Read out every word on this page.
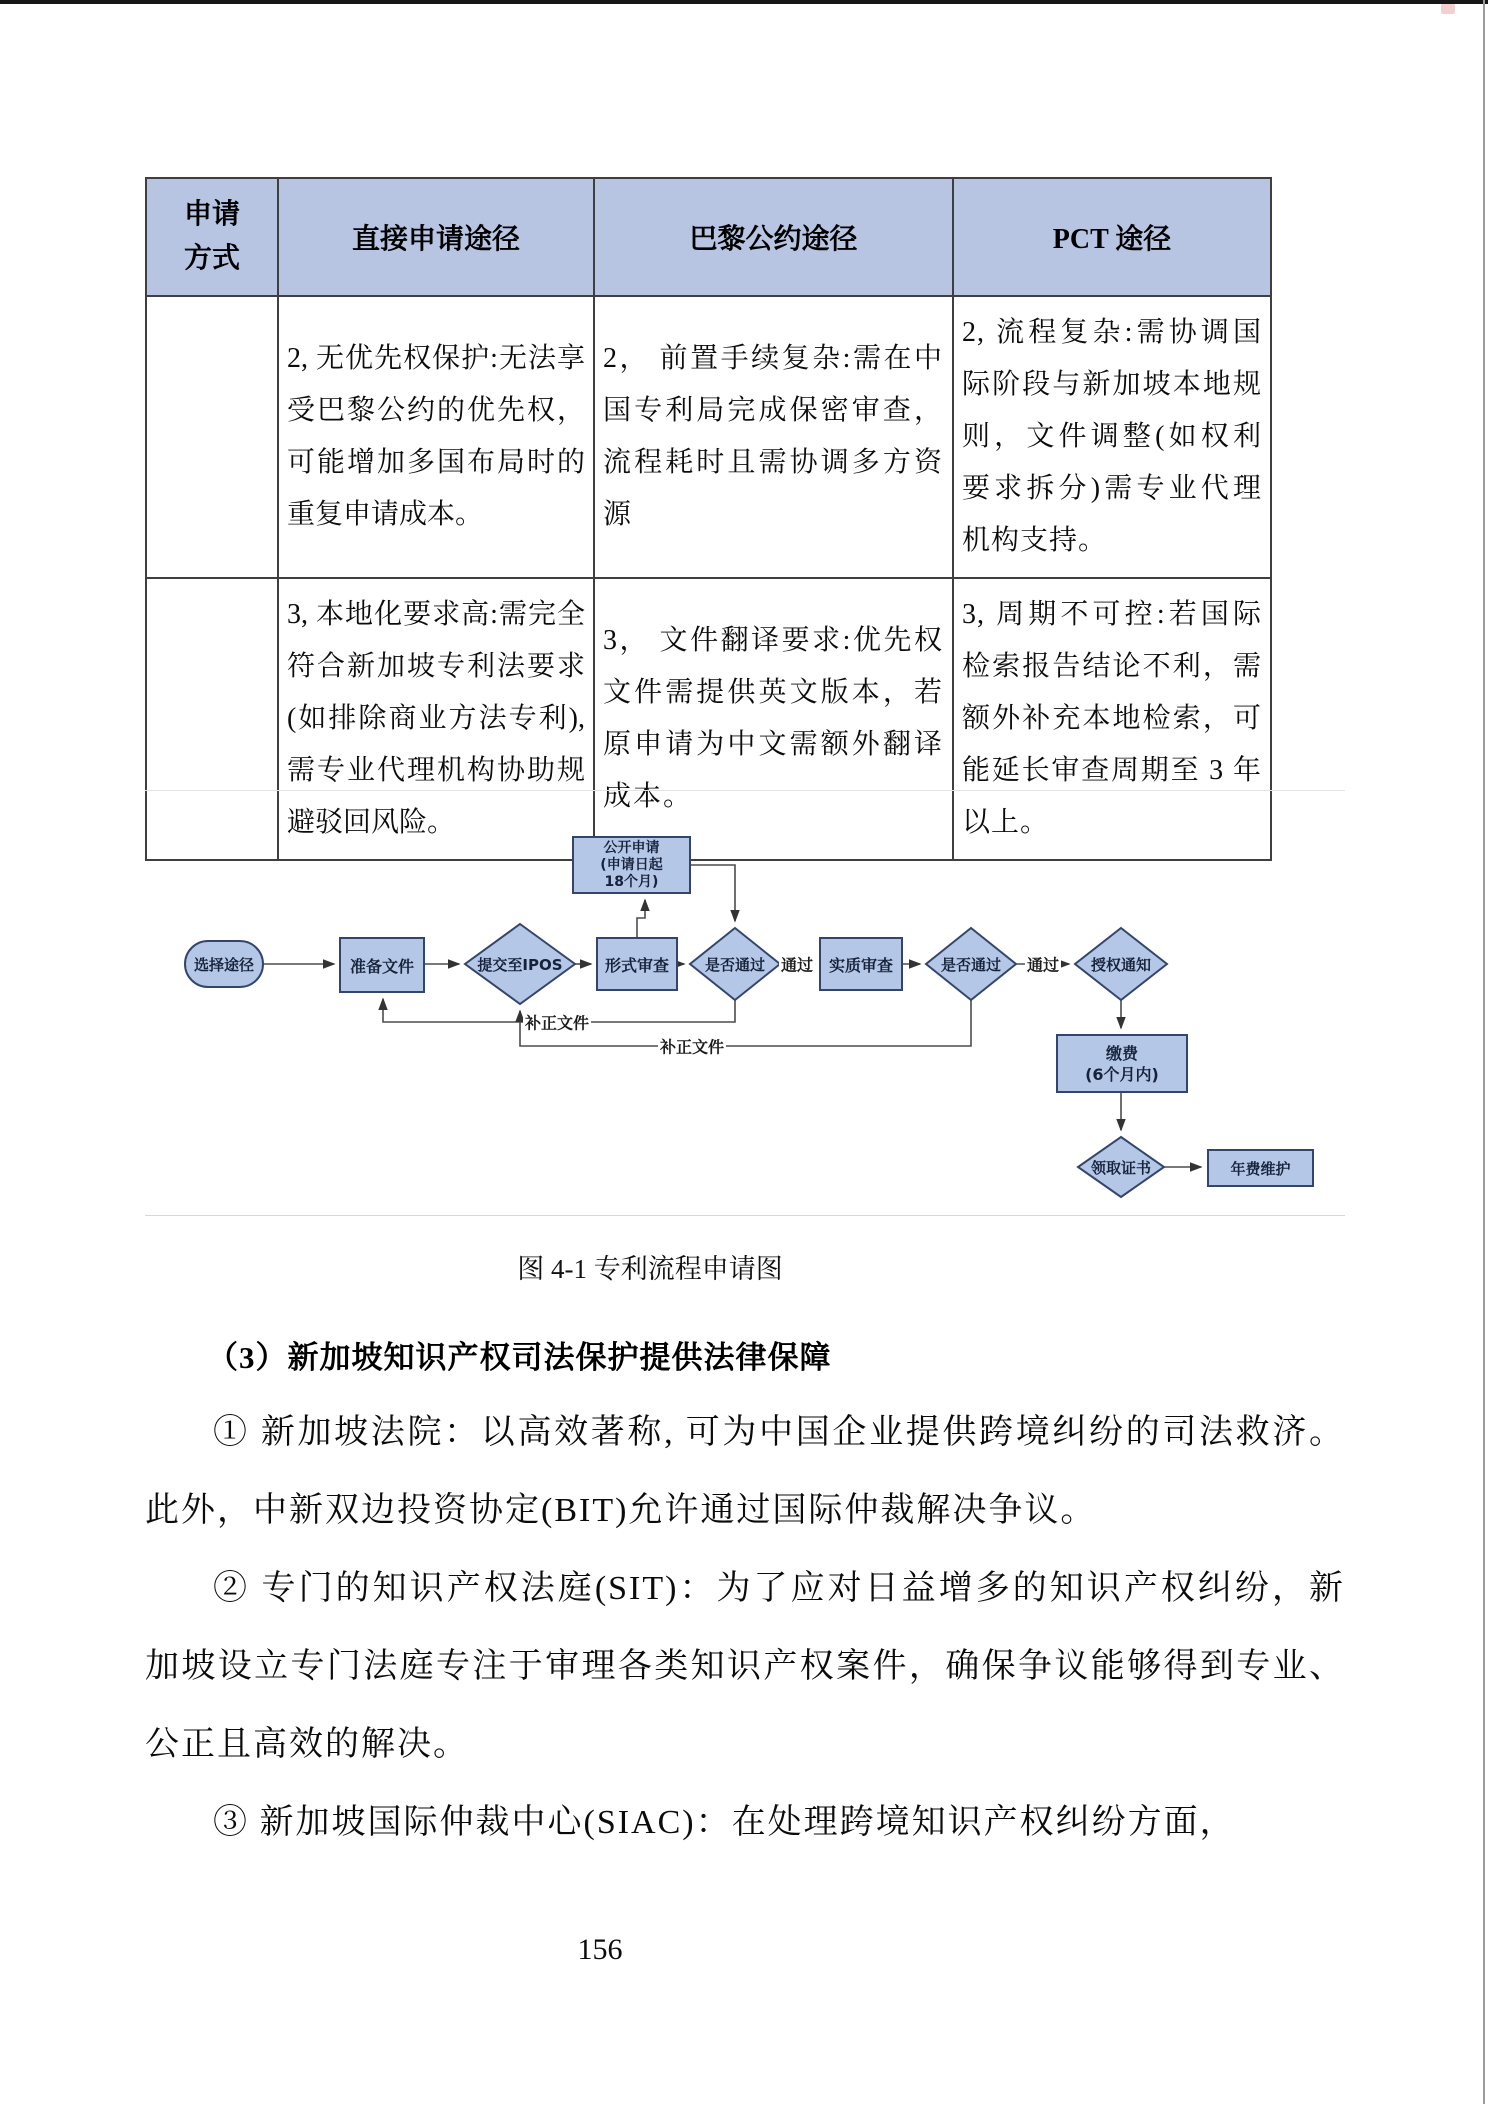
申请
方式	直接申请途径	巴黎公约途径	PCT 途径
	2, 无优先权保护:无法享受巴黎公约的优先权，可能增加多国布局时的重复申请成本。	2， 前置手续复杂:需在中国专利局完成保密审查，流程耗时且需协调多方资源	2, 流程复杂:需协调国际阶段与新加坡本地规则，文件调整(如权利要求拆分)需专业代理机构支持。
	3, 本地化要求高:需完全符合新加坡专利法要求(如排除商业方法专利), 需专业代理机构协助规避驳回风险。	3， 文件翻译要求:优先权文件需提供英文版本，若原申请为中文需额外翻译成本。	3, 周期不可控:若国际检索报告结论不利，需额外补充本地检索，可能延长审查周期至 3 年以上。
选择途径	准备文件	提交至IPOS	形式审查	是否通过	实质审查	是否通过	授权通知
公开申请
(申请日起
18个月)
缴费
(6个月内)
领取证书	年费维护
通过	通过
补正文件
补正文件
图 4-1 专利流程申请图
（3）新加坡知识产权司法保护提供法律保障

① 新加坡法院：以高效著称, 可为中国企业提供跨境纠纷的司法救济。此外，中新双边投资协定(BIT)允许通过国际仲裁解决争议。

② 专门的知识产权法庭(SIT)：为了应对日益增多的知识产权纠纷，新加坡设立专门法庭专注于审理各类知识产权案件，确保争议能够得到专业、公正且高效的解决。

③ 新加坡国际仲裁中心(SIAC)：在处理跨境知识产权纠纷方面，

156
